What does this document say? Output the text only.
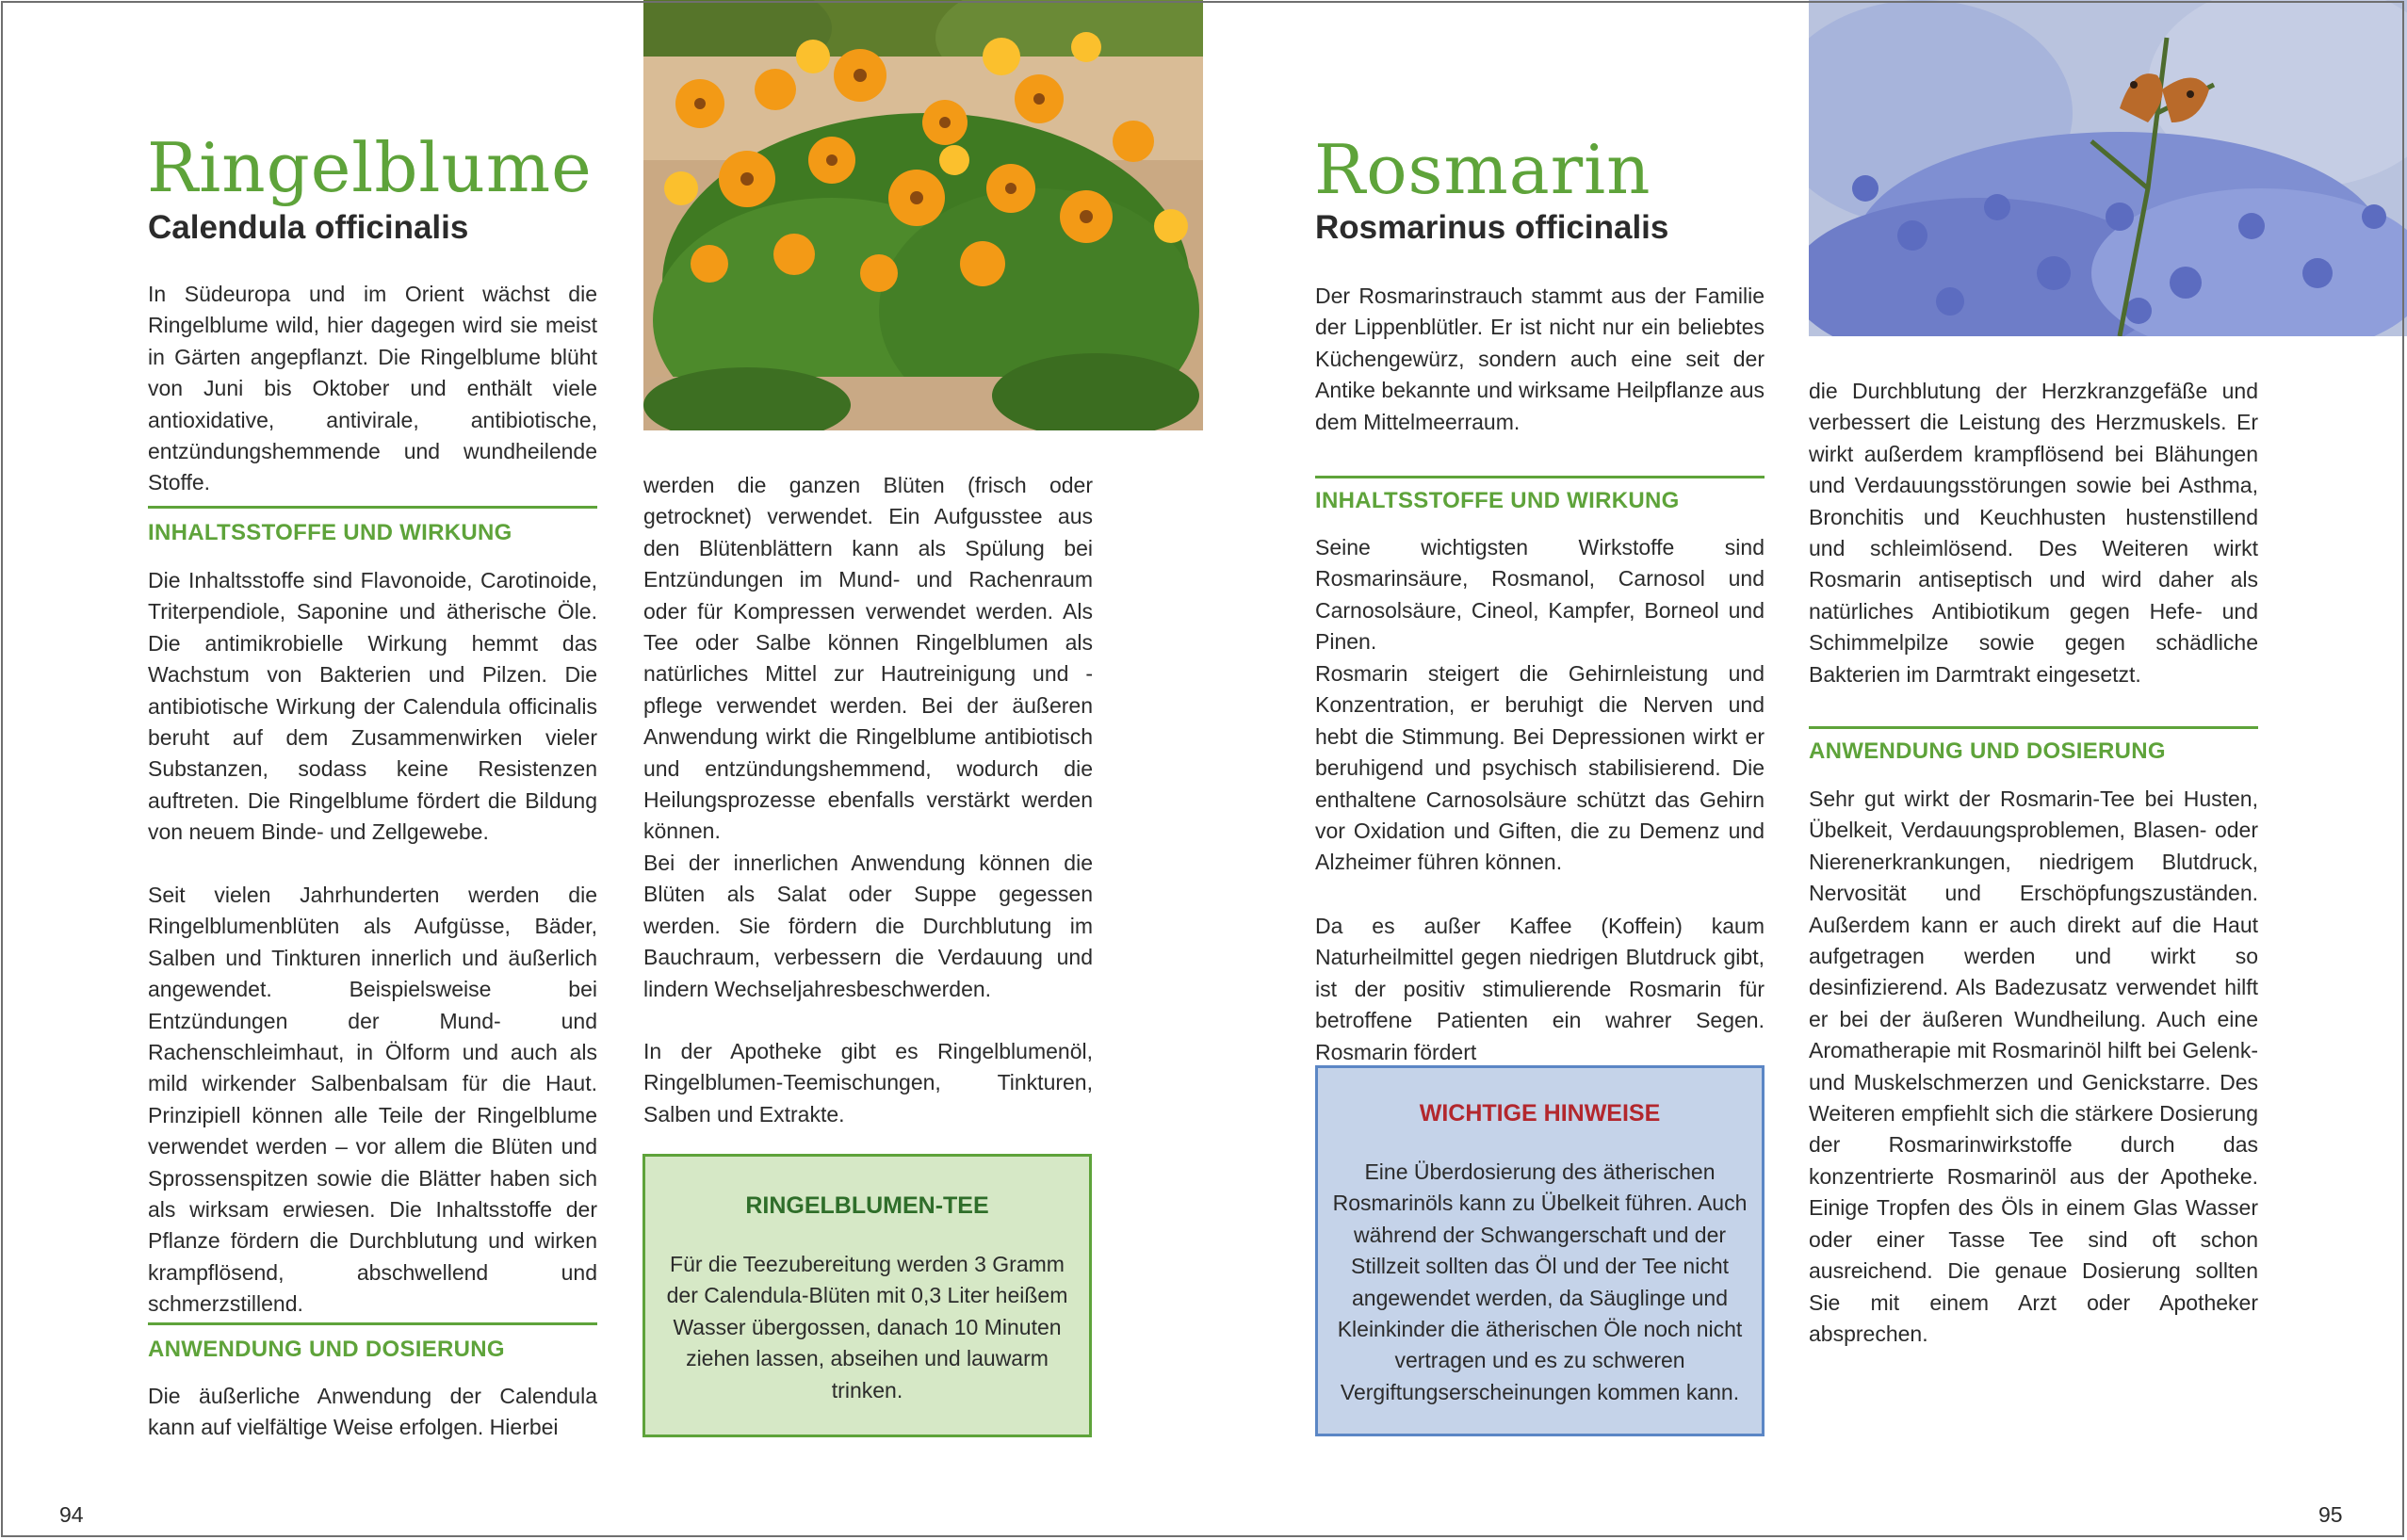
Ringelblume
Calendula officinalis

In Südeuropa und im Orient wächst die Ringelblume wild, hier dagegen wird sie meist in Gärten angepflanzt. Die Ringelblume blüht von Juni bis Oktober und enthält viele antioxidative, antivirale, antibiotische, entzündungshemmende und wundheilende Stoffe.

INHALTSSTOFFE UND WIRKUNG

Die Inhaltsstoffe sind Flavonoide, Carotinoide, Triterpendiole, Saponine und ätherische Öle. Die antimikrobielle Wirkung hemmt das Wachstum von Bakterien und Pilzen. Die antibiotische Wirkung der Calendula officinalis beruht auf dem Zusammenwirken vieler Substanzen, sodass keine Resistenzen auftreten. Die Ringelblume fördert die Bildung von neuem Binde- und Zellgewebe.

Seit vielen Jahrhunderten werden die Ringelblumenblüten als Aufgüsse, Bäder, Salben und Tinkturen innerlich und äußerlich angewendet. Beispielsweise bei Entzündungen der Mund- und Rachenschleimhaut, in Ölform und auch als mild wirkender Salbenbalsam für die Haut. Prinzipiell können alle Teile der Ringelblume verwendet werden – vor allem die Blüten und Sprossenspitzen sowie die Blätter haben sich als wirksam erwiesen. Die Inhaltsstoffe der Pflanze fördern die Durchblutung und wirken krampflösend, abschwellend und schmerzstillend.

ANWENDUNG UND DOSIERUNG

Die äußerliche Anwendung der Calendula kann auf vielfältige Weise erfolgen. Hierbei

werden die ganzen Blüten (frisch oder getrocknet) verwendet. Ein Aufgusstee aus den Blütenblättern kann als Spülung bei Entzündungen im Mund- und Rachenraum oder für Kompressen verwendet werden. Als Tee oder Salbe können Ringelblumen als natürliches Mittel zur Hautreinigung und -pflege verwendet werden. Bei der äußeren Anwendung wirkt die Ringelblume antibiotisch und entzündungshemmend, wodurch die Heilungsprozesse ebenfalls verstärkt werden können.

Bei der innerlichen Anwendung können die Blüten als Salat oder Suppe gegessen werden. Sie fördern die Durchblutung im Bauchraum, verbessern die Verdauung und lindern Wechseljahresbeschwerden.

In der Apotheke gibt es Ringelblumenöl, Ringelblumen-Teemischungen, Tinkturen, Salben und Extrakte.

RINGELBLUMEN-TEE

Für die Teezubereitung werden 3 Gramm der Calendula-Blüten mit 0,3 Liter heißem Wasser übergossen, danach 10 Minuten ziehen lassen, abseihen und lauwarm trinken.

94
Rosmarin
Rosmarinus officinalis

Der Rosmarinstrauch stammt aus der Familie der Lippenblütler. Er ist nicht nur ein beliebtes Küchengewürz, sondern auch eine seit der Antike bekannte und wirksame Heilpflanze aus dem Mittelmeerraum.

INHALTSSTOFFE UND WIRKUNG

Seine wichtigsten Wirkstoffe sind Rosmarinsäure, Rosmanol, Carnosol und Carnosolsäure, Cineol, Kampfer, Borneol und Pinen.

Rosmarin steigert die Gehirnleistung und Konzentration, er beruhigt die Nerven und hebt die Stimmung. Bei Depressionen wirkt er beruhigend und psychisch stabilisierend. Die enthaltene Carnosolsäure schützt das Gehirn vor Oxidation und Giften, die zu Demenz und Alzheimer führen können.

Da es außer Kaffee (Koffein) kaum Naturheilmittel gegen niedrigen Blutdruck gibt, ist der positiv stimulierende Rosmarin für betroffene Patienten ein wahrer Segen. Rosmarin fördert

WICHTIGE HINWEISE

Eine Überdosierung des ätherischen Rosmarinöls kann zu Übelkeit führen. Auch während der Schwangerschaft und der Stillzeit sollten das Öl und der Tee nicht angewendet werden, da Säuglinge und Kleinkinder die ätherischen Öle noch nicht vertragen und es zu schweren Vergiftungserscheinungen kommen kann.

die Durchblutung der Herzkranzgefäße und verbessert die Leistung des Herzmuskels. Er wirkt außerdem krampflösend bei Blähungen und Verdauungsstörungen sowie bei Asthma, Bronchitis und Keuchhusten hustenstillend und schleimlösend. Des Weiteren wirkt Rosmarin antiseptisch und wird daher als natürliches Antibiotikum gegen Hefe- und Schimmelpilze sowie gegen schädliche Bakterien im Darmtrakt eingesetzt.

ANWENDUNG UND DOSIERUNG

Sehr gut wirkt der Rosmarin-Tee bei Husten, Übelkeit, Verdauungsproblemen, Blasen- oder Nierenerkrankungen, niedrigem Blutdruck, Nervosität und Erschöpfungszuständen. Außerdem kann er auch direkt auf die Haut aufgetragen werden und wirkt so desinfizierend. Als Badezusatz verwendet hilft er bei der äußeren Wundheilung. Auch eine Aromatherapie mit Rosmarinöl hilft bei Gelenk- und Muskelschmerzen und Genickstarre. Des Weiteren empfiehlt sich die stärkere Dosierung der Rosmarinwirkstoffe durch das konzentrierte Rosmarinöl aus der Apotheke. Einige Tropfen des Öls in einem Glas Wasser oder einer Tasse Tee sind oft schon ausreichend. Die genaue Dosierung sollten Sie mit einem Arzt oder Apotheker absprechen.

95
